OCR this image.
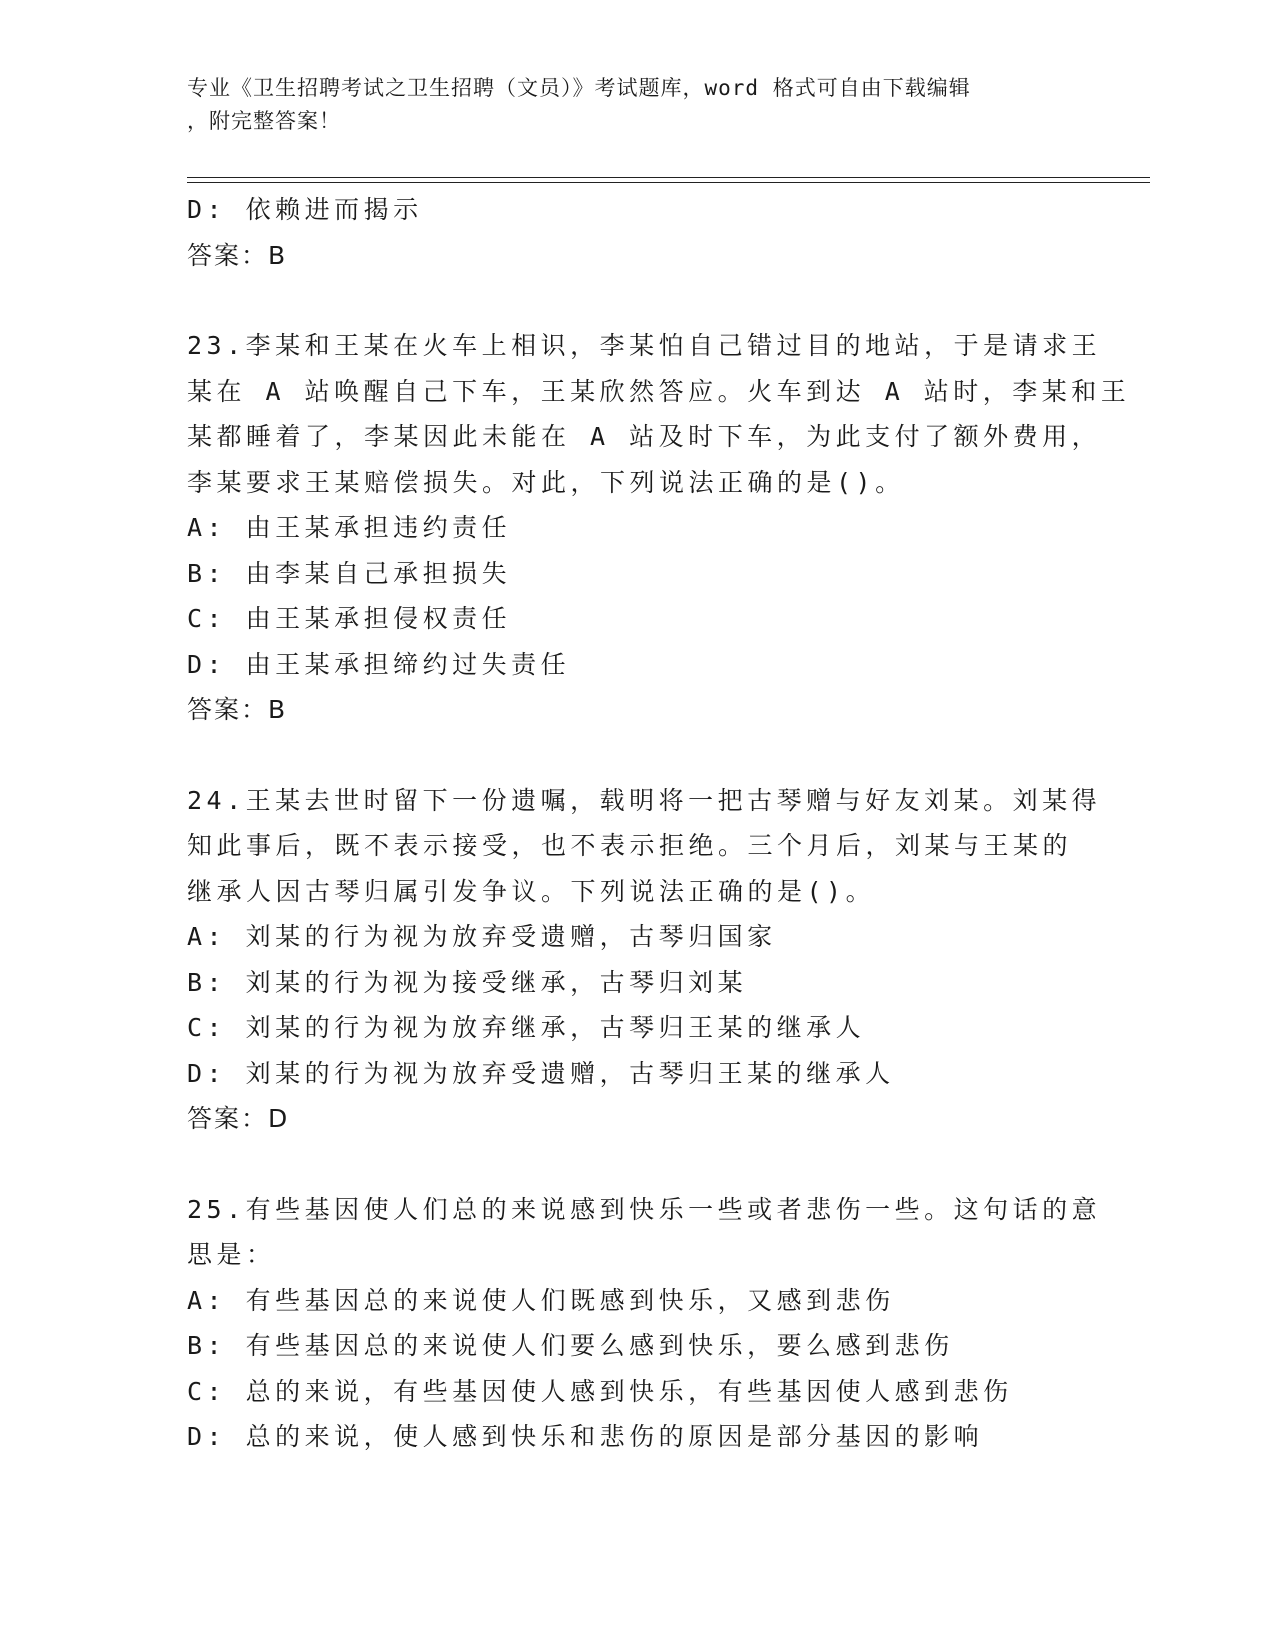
专业《卫生招聘考试之卫生招聘（文员）》考试题库，word 格式可自由下载编辑
，附完整答案！
D: 依赖进而揭示
答案：B
23.李某和王某在火车上相识，李某怕自己错过目的地站，于是请求王
某在 A 站唤醒自己下车，王某欣然答应。火车到达 A 站时，李某和王
某都睡着了，李某因此未能在 A 站及时下车，为此支付了额外费用，
李某要求王某赔偿损失。对此，下列说法正确的是()。
A: 由王某承担违约责任
B: 由李某自己承担损失
C: 由王某承担侵权责任
D: 由王某承担缔约过失责任
答案：B
24.王某去世时留下一份遗嘱，载明将一把古琴赠与好友刘某。刘某得
知此事后，既不表示接受，也不表示拒绝。三个月后，刘某与王某的
继承人因古琴归属引发争议。下列说法正确的是()。
A: 刘某的行为视为放弃受遗赠，古琴归国家
B: 刘某的行为视为接受继承，古琴归刘某
C: 刘某的行为视为放弃继承，古琴归王某的继承人
D: 刘某的行为视为放弃受遗赠，古琴归王某的继承人
答案：D
25.有些基因使人们总的来说感到快乐一些或者悲伤一些。这句话的意
思是：
A: 有些基因总的来说使人们既感到快乐，又感到悲伤
B: 有些基因总的来说使人们要么感到快乐，要么感到悲伤
C: 总的来说，有些基因使人感到快乐，有些基因使人感到悲伤
D: 总的来说，使人感到快乐和悲伤的原因是部分基因的影响
